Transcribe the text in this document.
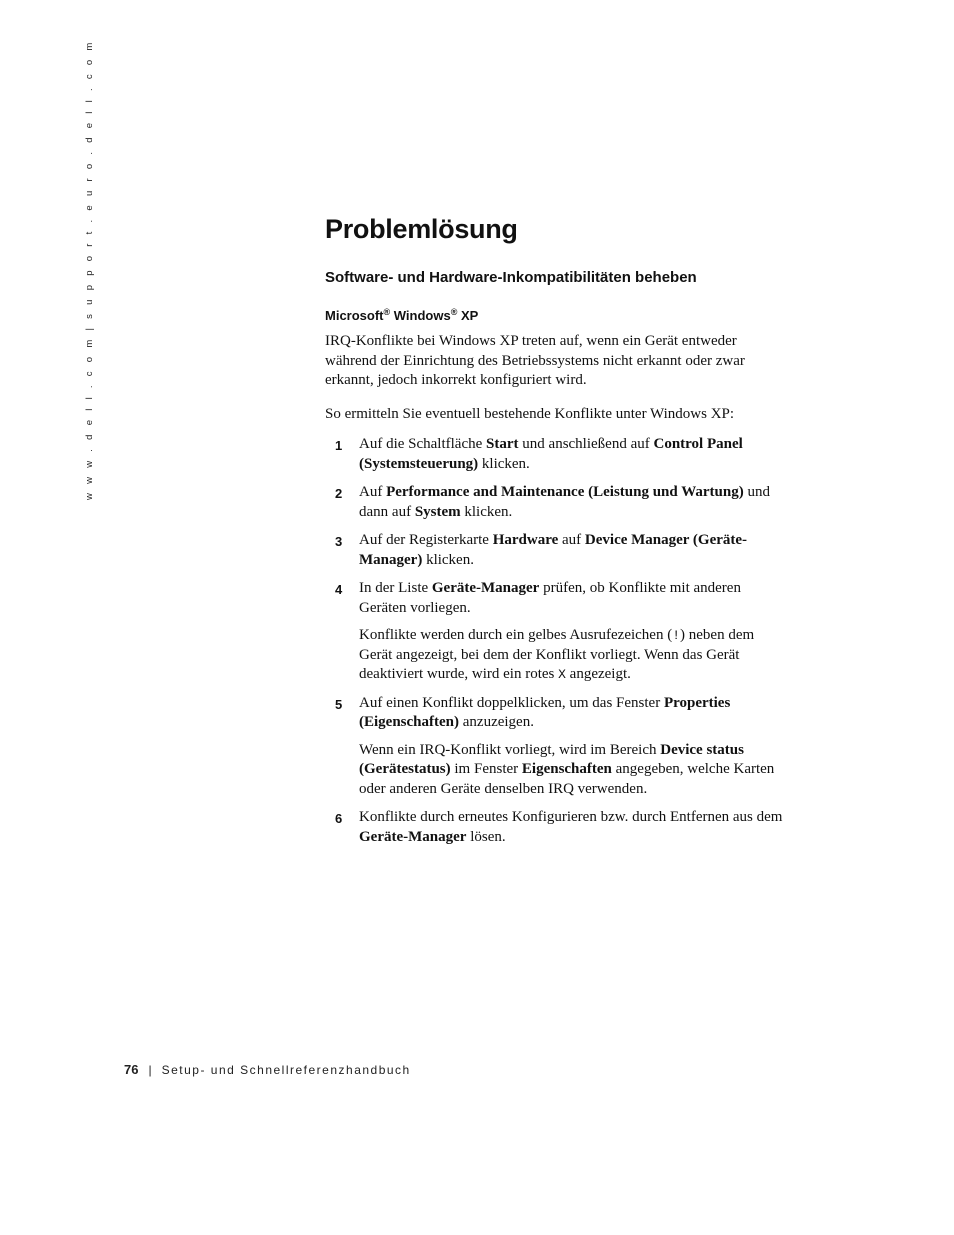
w w w . d e l l . c o m | s u p p o r t . e u r o . d e l l . c o m	Problemlösung
Software- und Hardware-Inkompatibilitäten beheben
Microsoft® Windows® XP

IRQ-Konflikte bei Windows XP treten auf, wenn ein Gerät entweder während der Einrichtung des Betriebssystems nicht erkannt oder zwar erkannt, jedoch inkorrekt konfiguriert wird.

So ermitteln Sie eventuell bestehende Konflikte unter Windows XP:

1 Auf die Schaltfläche Start und anschließend auf Control Panel (Systemsteuerung) klicken.
2 Auf Performance and Maintenance (Leistung und Wartung) und dann auf System klicken.
3 Auf der Registerkarte Hardware auf Device Manager (Geräte-Manager) klicken.
4 In der Liste Geräte-Manager prüfen, ob Konflikte mit anderen Geräten vorliegen.
Konflikte werden durch ein gelbes Ausrufezeichen (!) neben dem Gerät angezeigt, bei dem der Konflikt vorliegt. Wenn das Gerät deaktiviert wurde, wird ein rotes X angezeigt.
5 Auf einen Konflikt doppelklicken, um das Fenster Properties (Eigenschaften) anzuzeigen.
Wenn ein IRQ-Konflikt vorliegt, wird im Bereich Device status (Gerätestatus) im Fenster Eigenschaften angegeben, welche Karten oder anderen Geräte denselben IRQ verwenden.
6 Konflikte durch erneutes Konfigurieren bzw. durch Entfernen aus dem Geräte-Manager lösen.
76 | Setup- und Schnellreferenzhandbuch
